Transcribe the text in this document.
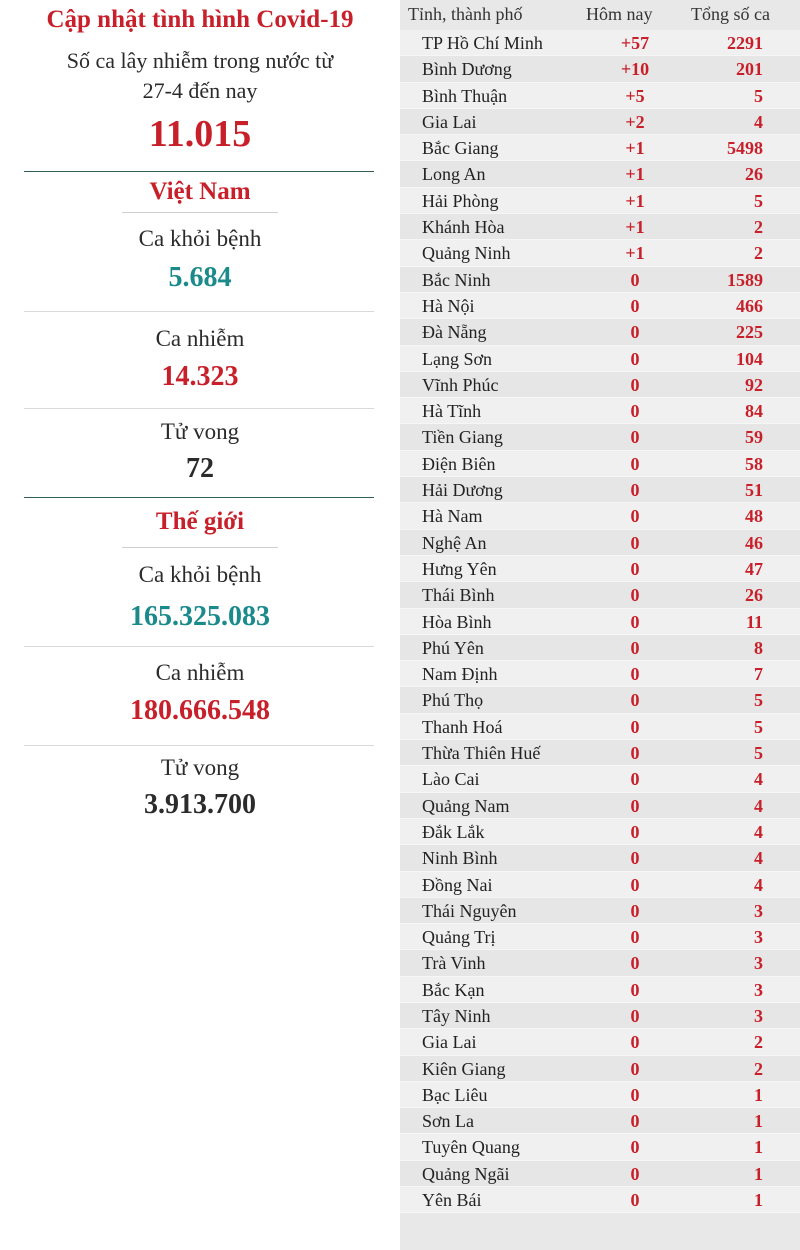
Cập nhật tình hình Covid-19
Số ca lây nhiễm trong nước từ
27-4 đến nay
11.015
Việt Nam
Ca khỏi bệnh
5.684
Ca nhiễm
14.323
Tử vong
72
Thế giới
Ca khỏi bệnh
165.325.083
Ca nhiễm
180.666.548
Tử vong
3.913.700
Tỉnh, thành phố	Hôm nay Tổng số ca
TP Hồ Chí Minh	+57	2291
Bình Dương	+10	201
Bình Thuận	+5	5
Gia Lai	+2	4
Bắc Giang	+1	5498
Long An	+1	26
Hải Phòng	+1	5
Khánh Hòa	+1	2
Quảng Ninh	+1	2
Bắc Ninh	0	1589
Hà Nội	0	466
Đà Nẵng	0	225
Lạng Sơn	0	104
Vĩnh Phúc	0	92
Hà Tĩnh	0	84
Tiền Giang	0	59
Điện Biên	0	58
Hải Dương	0	51
Hà Nam	0	48
Nghệ An	0	46
Hưng Yên	0	47
Thái Bình	0	26
Hòa Bình	0	11
Phú Yên	0	8
Nam Định	0	7
Phú Thọ	0	5
Thanh Hoá	0	5
Thừa Thiên Huế	0	5
Lào Cai	0	4
Quảng Nam	0	4
Đắk Lắk	0	4
Ninh Bình	0	4
Đồng Nai	0	4
Thái Nguyên	0	3
Quảng Trị	0	3
Trà Vinh	0	3
Bắc Kạn	0	3
Tây Ninh	0	3
Gia Lai	0	2
Kiên Giang	0	2
Bạc Liêu	0	1
Sơn La	0	1
Tuyên Quang	0	1
Quảng Ngãi	0	1
Yên Bái	0	1
